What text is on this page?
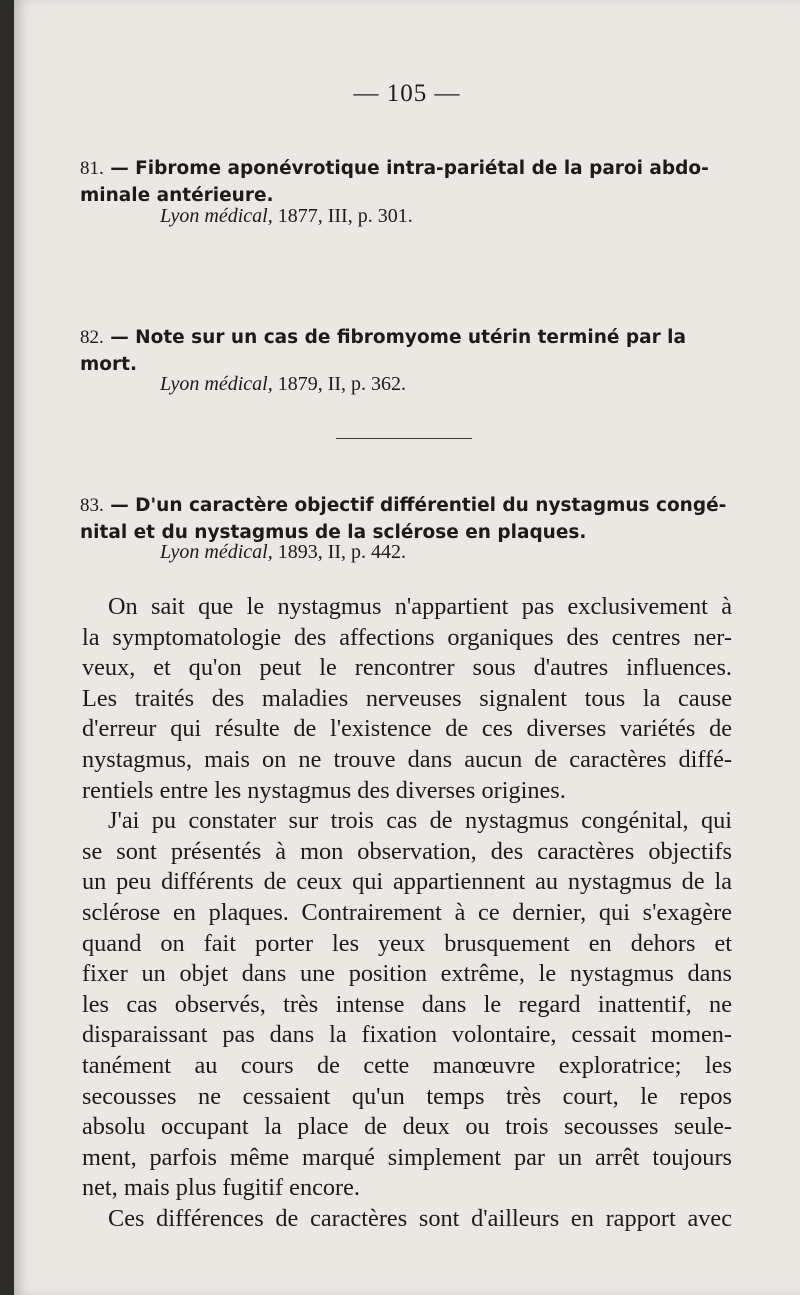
— 105 —
81. — Fibrome aponévrotique intra-pariétal de la paroi abdo-
minale antérieure.
Lyon médical, 1877, III, p. 301.
82. — Note sur un cas de fibromyome utérin terminé par la
mort.
Lyon médical, 1879, II, p. 362.
83. — D'un caractère objectif différentiel du nystagmus congé-
nital et du nystagmus de la sclérose en plaques.
Lyon médical, 1893, II, p. 442.
On sait que le nystagmus n'appartient pas exclusivement à
la symptomatologie des affections organiques des centres ner-
veux, et qu'on peut le rencontrer sous d'autres influences.
Les traités des maladies nerveuses signalent tous la cause
d'erreur qui résulte de l'existence de ces diverses variétés de
nystagmus, mais on ne trouve dans aucun de caractères diffé-
rentiels entre les nystagmus des diverses origines.
J'ai pu constater sur trois cas de nystagmus congénital, qui
se sont présentés à mon observation, des caractères objectifs
un peu différents de ceux qui appartiennent au nystagmus de la
sclérose en plaques. Contrairement à ce dernier, qui s'exagère
quand on fait porter les yeux brusquement en dehors et
fixer un objet dans une position extrême, le nystagmus dans
les cas observés, très intense dans le regard inattentif, ne
disparaissant pas dans la fixation volontaire, cessait momen-
tanément au cours de cette manœuvre exploratrice; les
secousses ne cessaient qu'un temps très court, le repos
absolu occupant la place de deux ou trois secousses seule-
ment, parfois même marqué simplement par un arrêt toujours
net, mais plus fugitif encore.
Ces différences de caractères sont d'ailleurs en rapport avec
